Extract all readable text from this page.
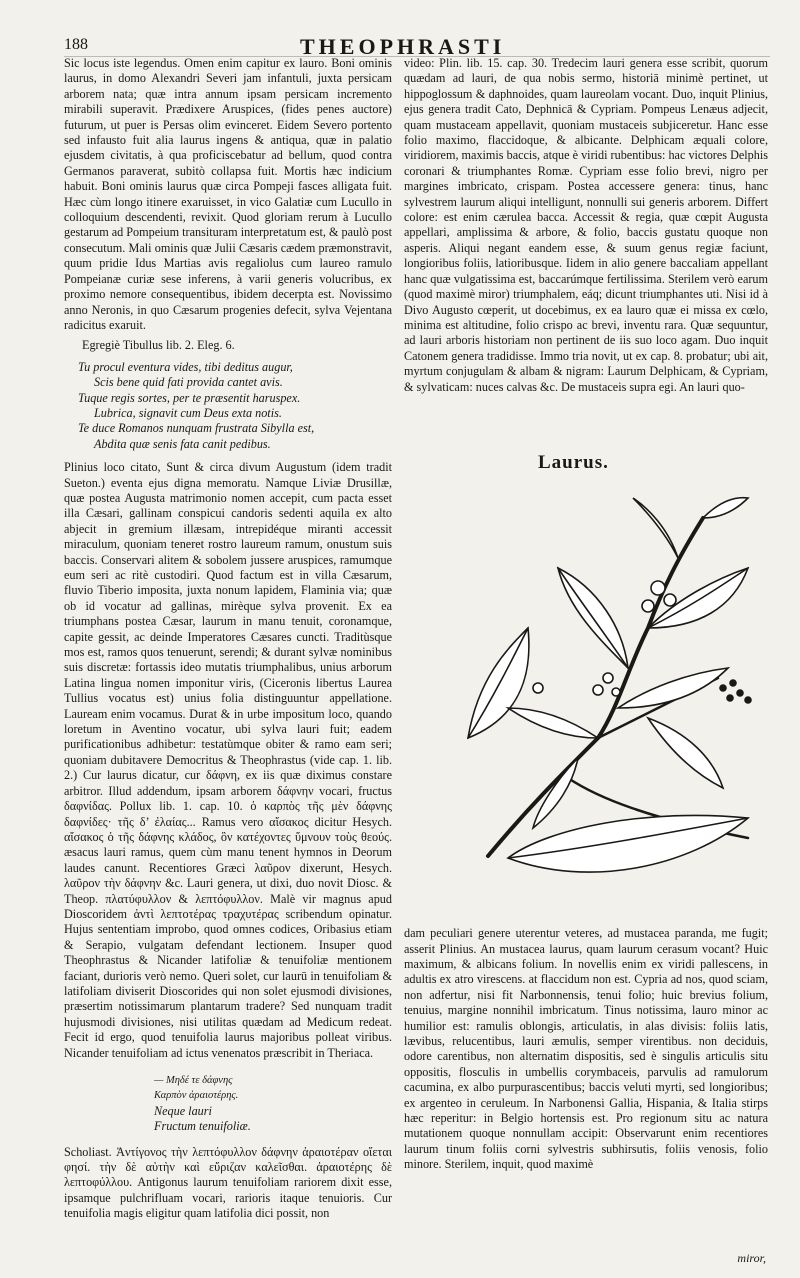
188	THEOPHRASTI

Sic locus iste legendus. Omen enim capitur ex lauro. Boni ominis laurus, in domo Alexandri Severi jam infantuli, juxta persicam arborem nata; quæ intra annum ipsam persicam incremento mirabili superavit. Prædixere Aruspices, (fides penes auctore) futurum, ut puer is Persas olim evinceret. Eidem Severo portento sed infausto fuit alia laurus ingens & antiqua, quæ in palatio ejusdem civitatis, à qua proficiscebatur ad bellum, quod contra Germanos paraverat, subitò collapsa fuit. Mortis hæc indicium habuit. Boni ominis laurus quæ circa Pompeji fasces alligata fuit. Hæc cùm longo itinere exaruisset, in vico Galatiæ cum Lucullo in colloquium descendenti, revixit. Quod gloriam rerum à Lucullo gestarum ad Pompeium transituram interpretatum est, & paulò post consecutum. Mali ominis quæ Julii Cæsaris cædem præmonstravit, quum pridie Idus Martias avis regaliolus cum laureo ramulo Pompeianæ curiæ sese inferens, à varii generis volucribus, ex proximo nemore consequentibus, ibidem decerpta est. Novissimo anno Neronis, in quo Cæsarum progenies defecit, sylva Vejentana radicitus exaruit.

Egregiè Tibullus lib. 2. Eleg. 6.

Tu procul eventura vides, tibi deditus augur,
Scis bene quid fati provida cantet avis.
Tuque regis sortes, per te præsentit haruspex.
Lubrica, signavit cum Deus exta notis.
Te duce Romanos nunquam frustrata Sibylla est,
Abdita quæ senis fata canit pedibus.

Plinius loco citato, Sunt & circa divum Augustum (idem tradit Sueton.) eventa ejus digna memoratu. Namque Liviæ Drusillæ, quæ postea Augusta matrimonio nomen accepit, cum pacta esset illa Cæsari, gallinam conspicui candoris sedenti aquila ex alto abjecit in gremium illæsam, intrepidéque miranti accessit miraculum, quoniam teneret rostro laureum ramum, onustum suis baccis. Conservari alitem & sobolem jussere aruspices, ramumque eum seri ac ritè custodiri. Quod factum est in villa Cæsarum, fluvio Tiberio imposita, juxta nonum lapidem, Flaminia via; quæ ob id vocatur ad gallinas, mirèque sylva provenit. Ex ea triumphans postea Cæsar, laurum in manu tenuit, coronamque, capite gessit, ac deinde Imperatores Cæsares cuncti. Traditùsque mos est, ramos quos tenuerunt, serendi; & durant sylvæ nominibus suis discretæ: fortassis ideo mutatis triumphalibus, unius arborum Latina lingua nomen imponitur viris, (Ciceronis libertus Laurea Tullius vocatus est) unius folia distinguuntur appellatione. Lauream enim vocamus. Durat & in urbe impositum loco, quando loretum in Aventino vocatur, ubi sylva lauri fuit; eadem purificationibus adhibetur: testatùmque obiter & ramo eam seri; quoniam dubitavere Democritus & Theophrastus (vide cap. 1. lib. 2.) Cur laurus dicatur, cur δάφνη, ex iis quæ diximus constare arbitror. Illud addendum, ipsam arborem δάφνην vocari, fructus δαφνίδας. Pollux lib. 1. cap. 10. ὁ καρπὸς τῆς μὲν δάφνης δαφνίδες· τῆς δ’ ἐλαίας... Ramus vero αἴσακος dicitur Hesych. αἴσακος ὁ τῆς δάφνης κλάδος, ὃν κατέχοντες ὕμνουν τοὺς θεούς. æsacus lauri ramus, quem cùm manu tenent hymnos in Deorum laudes canunt. Recentiores Græci λαῦρον dixerunt, Hesych. λαῦρον τὴν δάφνην &c. Lauri genera, ut dixi, duo novit Diosc. & Theop. πλατύφυλλον & λεπτόφυλλον. Malè vir magnus apud Dioscoridem ἀντὶ λεπτοτέρας τραχυτέρας scribendum opinatur. Hujus sententiam improbo, quod omnes codices, Oribasius etiam & Serapio, vulgatam defendant lectionem. Insuper quod Theophrastus & Nicander latifoliæ & tenuifoliæ mentionem faciant, durioris verò nemo. Queri solet, cur laurū in tenuifoliam & latifoliam diviserit Dioscorides qui non solet ejusmodi divisiones, præsertim notissimarum plantarum tradere? Sed nunquam tradit hujusmodi divisiones, nisi utilitas quædam ad Medicum redeat. Fecit id ergo, quod tenuifolia laurus majoribus polleat viribus. Nicander tenuifoliam ad ictus venenatos præscribit in Theriaca.

— Μηδέ τε δάφνης
Καρπὸν ἀραιοτέρης.
Neque lauri
Fructum tenuifoliæ.

Scholiast. Ἀντίγονος τὴν λεπτόφυλλον δάφνην ἀραιοτέραν οἴεται φησί. τὴν δὲ αὐτὴν καὶ εὔριζαν καλεῖσθαι. ἀραιοτέρης δὲ λεπτοφύλλου. Antigonus laurum tenuifoliam rariorem dixit esse, ipsamque pulchrifluam vocari, rarioris itaque tenuioris. Cur tenuifolia magis eligitur quam latifolia dici possit, non

video: Plin. lib. 15. cap. 30. Tredecim lauri genera esse scribit, quorum quædam ad lauri, de qua nobis sermo, historiā minimè pertinet, ut hippoglossum & daphnoides, quam laureolam vocant. Duo, inquit Plinius, ejus genera tradit Cato, Dephnicā & Cypriam. Pompeus Lenæus adjecit, quam mustaceam appellavit, quoniam mustaceis subjiceretur. Hanc esse folio maximo, flaccidoque, & albicante. Delphicam æquali colore, viridiorem, maximis baccis, atque è viridi rubentibus: hac victores Delphis coronari & triumphantes Romæ. Cypriam esse folio brevi, nigro per margines imbricato, crispam. Postea accessere genera: tinus, hanc sylvestrem laurum aliqui intelligunt, nonnulli sui generis arborem. Differt colore: est enim cærulea bacca. Accessit & regia, quæ cœpit Augusta appellari, amplissima & arbore, & folio, baccis gustatu quoque non asperis. Aliqui negant eandem esse, & suum genus regiæ faciunt, longioribus foliis, latioribusque. Iidem in alio genere baccaliam appellant hanc quæ vulgatissima est, baccarúmque fertilissima. Sterilem verò earum (quod maximè miror) triumphalem, eáq; dicunt triumphantes uti. Nisi id à Divo Augusto cœperit, ut docebimus, ex ea lauro quæ ei missa ex cœlo, minima est altitudine, folio crispo ac brevi, inventu rara. Quæ sequuntur, ad lauri arboris historiam non pertinent de iis suo loco agam. Duo inquit Catonem genera tradidisse. Immo tria novit, ut ex cap. 8. probatur; ubi ait, myrtum conjugulam & albam & nigram: Laurum Delphicam, & Cypriam, & sylvaticam: nuces calvas &c. De mustaceis supra egi. An lauri quo-

Laurus.

dam peculiari genere uterentur veteres, ad mustacea paranda, me fugit; asserit Plinius. An mustacea laurus, quam laurum cerasum vocant? Huic maximum, & albicans folium. In novellis enim ex viridi pallescens, in adultis ex atro virescens. at flaccidum non est. Cypria ad nos, quod sciam, non adfertur, nisi fit Narbonnensis, tenui folio; huic brevius folium, tenuius, margine nonnihil imbricatum. Tinus notissima, lauro minor ac humilior est: ramulis oblongis, articulatis, in alas divisis: foliis latis, lævibus, relucentibus, lauri æmulis, semper virentibus. non deciduis, odore carentibus, non alternatim dispositis, sed è singulis articulis situ oppositis, flosculis in umbellis corymbaceis, parvulis ad ramulorum cacumina, ex albo purpurascentibus; baccis veluti myrti, sed longioribus; ex argenteo in ceruleum. In Narbonensi Gallia, Hispania, & Italia stirps hæc reperitur: in Belgio hortensis est. Pro regionum situ ac natura mutationem quoque nonnullam accipit: Observarunt enim recentiores laurum tinum foliis corni sylvestris subhirsutis, foliis venosis, folio minore. Sterilem, inquit, quod maximè

miror,
